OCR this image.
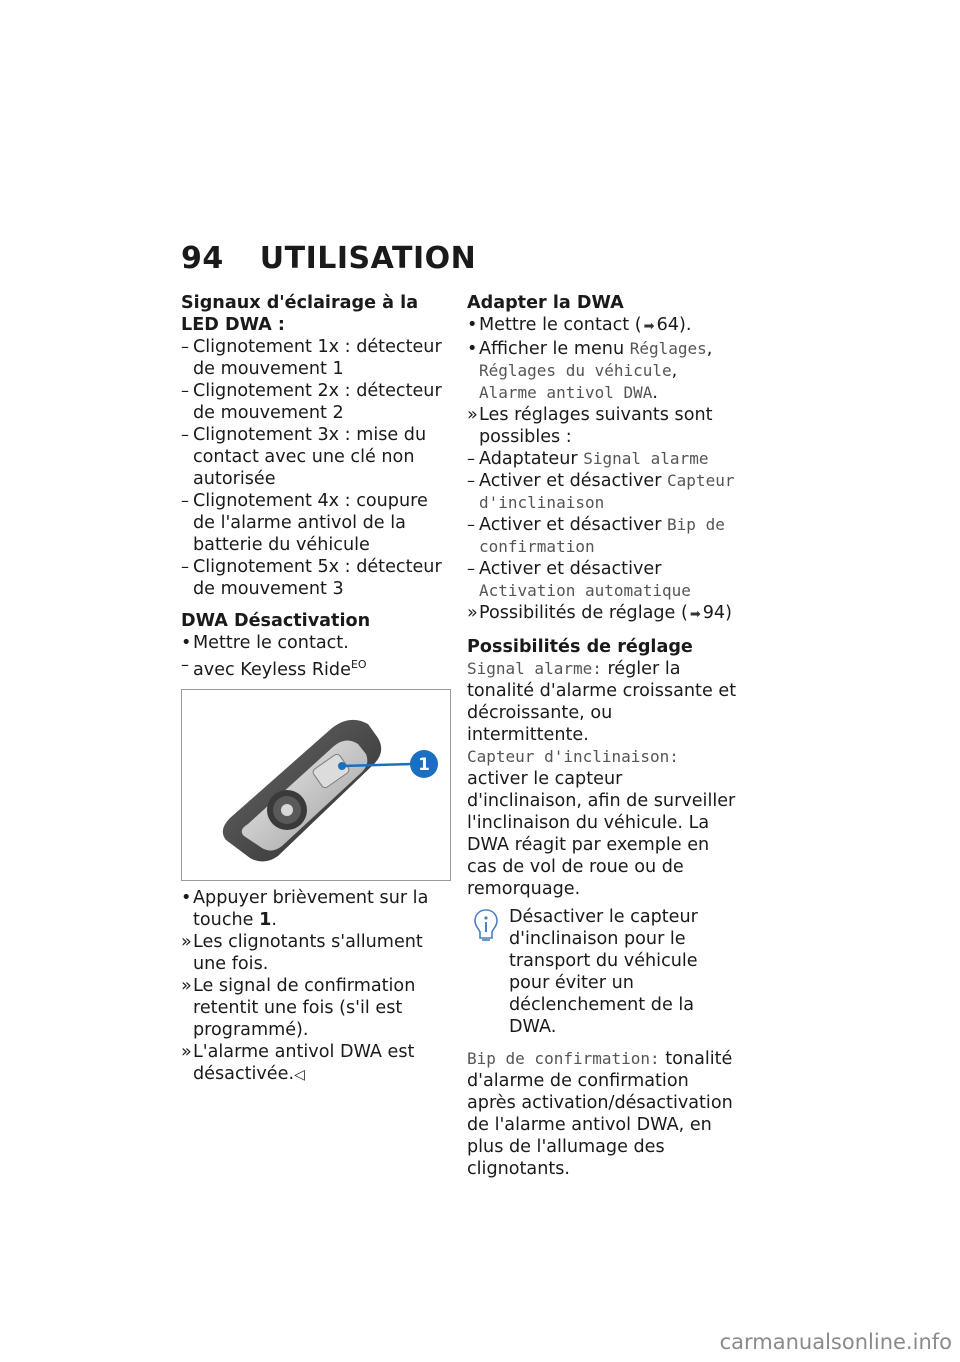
94 UTILISATION

Signaux d'éclairage à la LED DWA :

– Clignotement 1x : détecteur de mouvement 1

– Clignotement 2x : détecteur de mouvement 2

– Clignotement 3x : mise du contact avec une clé non autorisée

– Clignotement 4x : coupure de l'alarme antivol de la batterie du véhicule

– Clignotement 5x : détecteur de mouvement 3

DWA Désactivation

• Mettre le contact.

– avec Keyless Ride$^{EO}$

1

• Appuyer brièvement sur la touche 1.

» Les clignotants s'allument une fois.

» Le signal de confirmation retentit une fois (s'il est programmé).

» L'alarme antivol DWA est désactivée.◁

Adapter la DWA

• Mettre le contact ( ➡ 64).

• Afficher le menu Réglages, Réglages du véhicule, Alarme antivol DWA.

» Les réglages suivants sont possibles :

– Adaptateur Signal alarme

– Activer et désactiver Capteur d'inclinaison

– Activer et désactiver Bip de confirmation

– Activer et désactiver Activation automatique

» Possibilités de réglage ( ➡ 94)

Possibilités de réglage

Signal alarme: régler la tonalité d'alarme croissante et décroissante, ou intermittente.

Capteur d'inclinaison: activer le capteur d'inclinaison, afin de surveiller l'inclinaison du véhicule. La DWA réagit par exemple en cas de vol de roue ou de remorquage.

Désactiver le capteur d'inclinaison pour le transport du véhicule pour éviter un déclenchement de la DWA.

Bip de confirmation: tonalité d'alarme de confirmation après activation/désactivation de l'alarme antivol DWA, en plus de l'allumage des clignotants.

carmanualsonline.info
